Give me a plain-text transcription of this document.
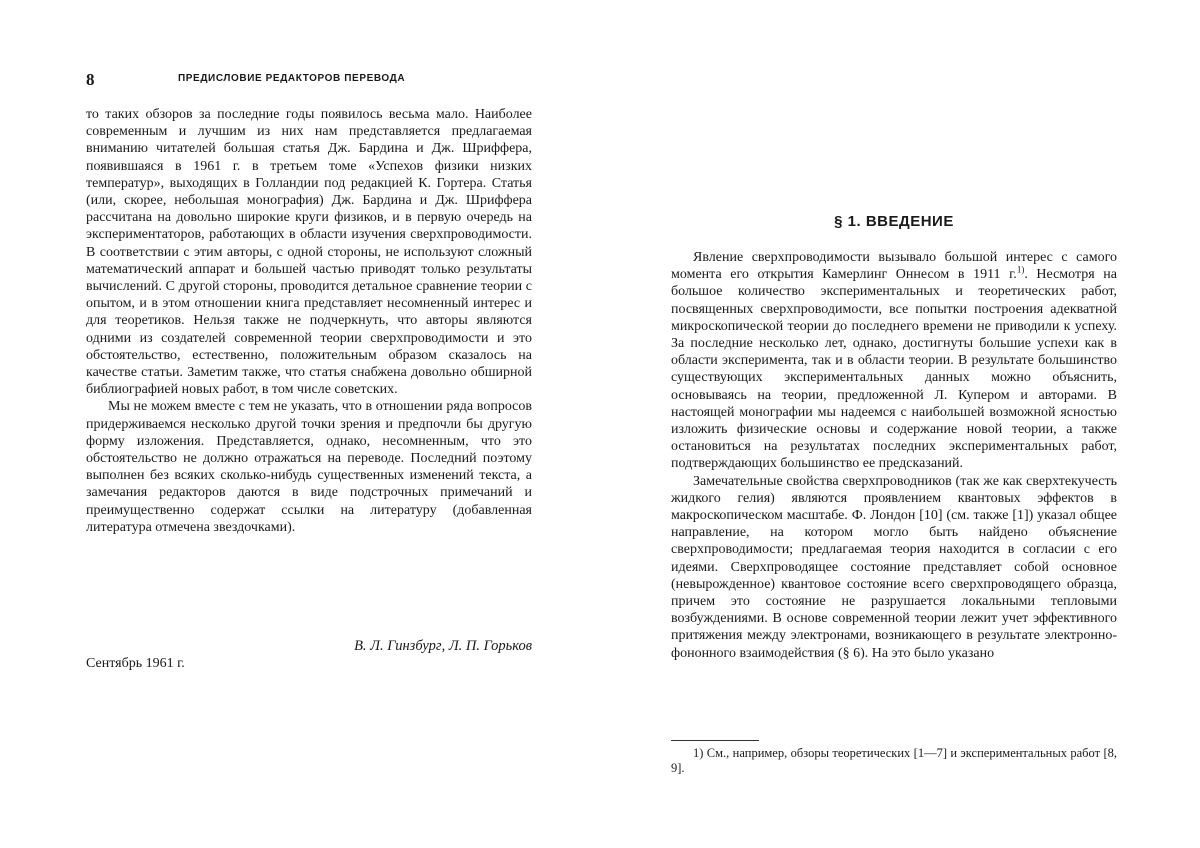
8	ПРЕДИСЛОВИЕ РЕДАКТОРОВ ПЕРЕВОДА

то таких обзоров за последние годы появилось весьма мало. Наиболее современным и лучшим из них нам представляется предлагаемая вниманию читателей большая статья Дж. Бардина и Дж. Шриффера, появившаяся в 1961 г. в третьем томе «Успехов физики низких температур», выходящих в Голландии под редакцией К. Гортера. Статья (или, скорее, небольшая монография) Дж. Бардина и Дж. Шриффера рассчитана на довольно широкие круги физиков, и в первую очередь на экспериментаторов, работающих в области изучения сверхпроводимости. В соответствии с этим авторы, с одной стороны, не используют сложный математический аппарат и большей частью приводят только результаты вычислений. С другой стороны, проводится детальное сравнение теории с опытом, и в этом отношении книга представляет несомненный интерес и для теоретиков. Нельзя также не подчеркнуть, что авторы являются одними из создателей современной теории сверхпроводимости и это обстоятельство, естественно, положительным образом сказалось на качестве статьи. Заметим также, что статья снабжена довольно обширной библиографией новых работ, в том числе советских.

Мы не можем вместе с тем не указать, что в отношении ряда вопросов придерживаемся несколько другой точки зрения и предпочли бы другую форму изложения. Представляется, однако, несомненным, что это обстоятельство не должно отражаться на переводе. Последний поэтому выполнен без всяких сколько-нибудь существенных изменений текста, а замечания редакторов даются в виде подстрочных примечаний и преимущественно содержат ссылки на литературу (добавленная литература отмечена звездочками).

В. Л. Гинзбург, Л. П. Горьков
Сентябрь 1961 г.
§ 1. ВВЕДЕНИЕ

Явление сверхпроводимости вызывало большой интерес с самого момента его открытия Камерлинг Оннесом в 1911 г.1). Несмотря на большое количество экспериментальных и теоретических работ, посвященных сверхпроводимости, все попытки построения адекватной микроскопической теории до последнего времени не приводили к успеху. За последние несколько лет, однако, достигнуты большие успехи как в области эксперимента, так и в области теории. В результате большинство существующих экспериментальных данных можно объяснить, основываясь на теории, предложенной Л. Купером и авторами. В настоящей монографии мы надеемся с наибольшей возможной ясностью изложить физические основы и содержание новой теории, а также остановиться на результатах последних экспериментальных работ, подтверждающих большинство ее предсказаний.

Замечательные свойства сверхпроводников (так же как сверхтекучесть жидкого гелия) являются проявлением квантовых эффектов в макроскопическом масштабе. Ф. Лондон [10] (см. также [1]) указал общее направление, на котором могло быть найдено объяснение сверхпроводимости; предлагаемая теория находится в согласии с его идеями. Сверхпроводящее состояние представляет собой основное (невырожденное) квантовое состояние всего сверхпроводящего образца, причем это состояние не разрушается локальными тепловыми возбуждениями. В основе современной теории лежит учет эффективного притяжения между электронами, возникающего в результате электронно-фононного взаимодействия (§ 6). На это было указано

1) См., например, обзоры теоретических [1—7] и экспериментальных работ [8, 9].
